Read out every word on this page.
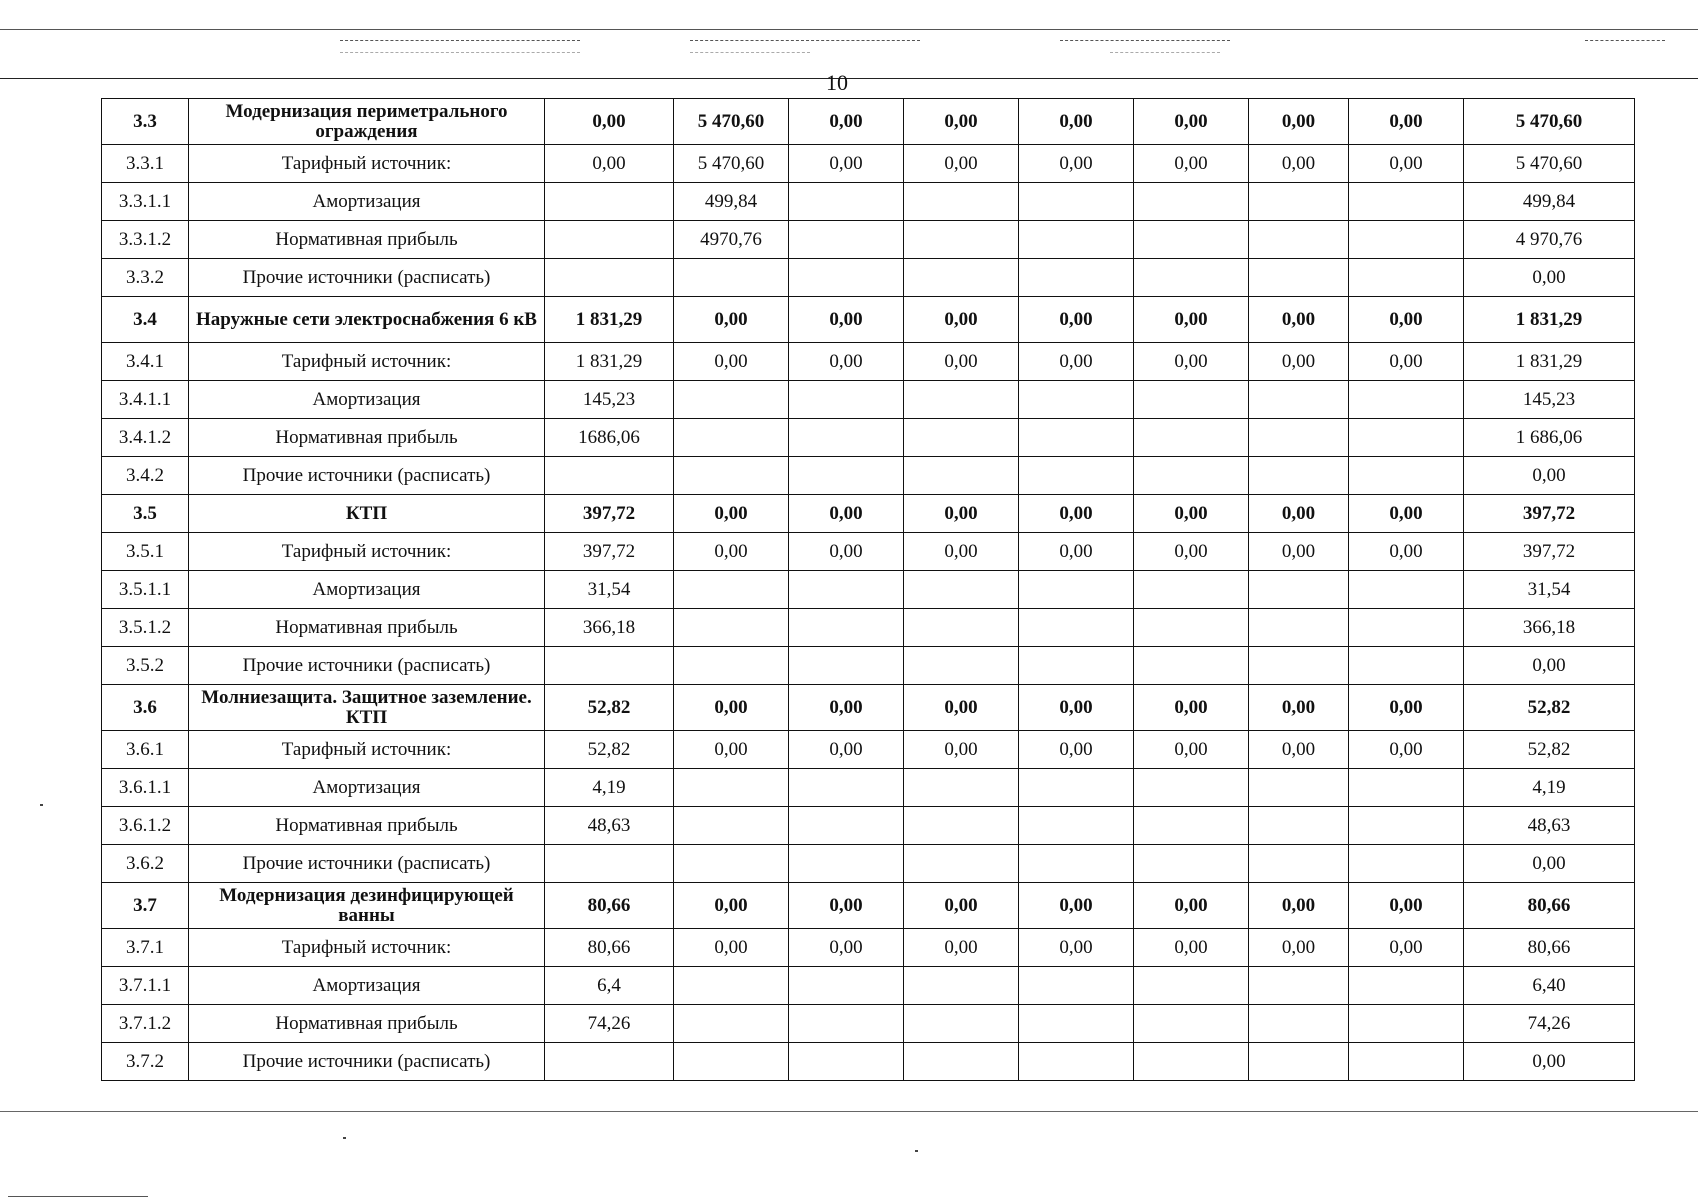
10
3.3	Модернизация периметрального ограждения	0,00	5 470,60	0,00	0,00	0,00	0,00	0,00	0,00	5 470,60
3.3.1	Тарифный источник:	0,00	5 470,60	0,00	0,00	0,00	0,00	0,00	0,00	5 470,60
3.3.1.1	Амортизация		499,84							499,84
3.3.1.2	Нормативная прибыль		4970,76							4 970,76
3.3.2	Прочие источники (расписать)									0,00
3.4	Наружные сети электроснабжения 6 кВ	1 831,29	0,00	0,00	0,00	0,00	0,00	0,00	0,00	1 831,29
3.4.1	Тарифный источник:	1 831,29	0,00	0,00	0,00	0,00	0,00	0,00	0,00	1 831,29
3.4.1.1	Амортизация	145,23								145,23
3.4.1.2	Нормативная прибыль	1686,06								1 686,06
3.4.2	Прочие источники (расписать)									0,00
3.5	КТП	397,72	0,00	0,00	0,00	0,00	0,00	0,00	0,00	397,72
3.5.1	Тарифный источник:	397,72	0,00	0,00	0,00	0,00	0,00	0,00	0,00	397,72
3.5.1.1	Амортизация	31,54								31,54
3.5.1.2	Нормативная прибыль	366,18								366,18
3.5.2	Прочие источники (расписать)									0,00
3.6	Молниезащита. Защитное заземление. КТП	52,82	0,00	0,00	0,00	0,00	0,00	0,00	0,00	52,82
3.6.1	Тарифный источник:	52,82	0,00	0,00	0,00	0,00	0,00	0,00	0,00	52,82
3.6.1.1	Амортизация	4,19								4,19
3.6.1.2	Нормативная прибыль	48,63								48,63
3.6.2	Прочие источники (расписать)									0,00
3.7	Модернизация дезинфицирующей ванны	80,66	0,00	0,00	0,00	0,00	0,00	0,00	0,00	80,66
3.7.1	Тарифный источник:	80,66	0,00	0,00	0,00	0,00	0,00	0,00	0,00	80,66
3.7.1.1	Амортизация	6,4								6,40
3.7.1.2	Нормативная прибыль	74,26								74,26
3.7.2	Прочие источники (расписать)									0,00
